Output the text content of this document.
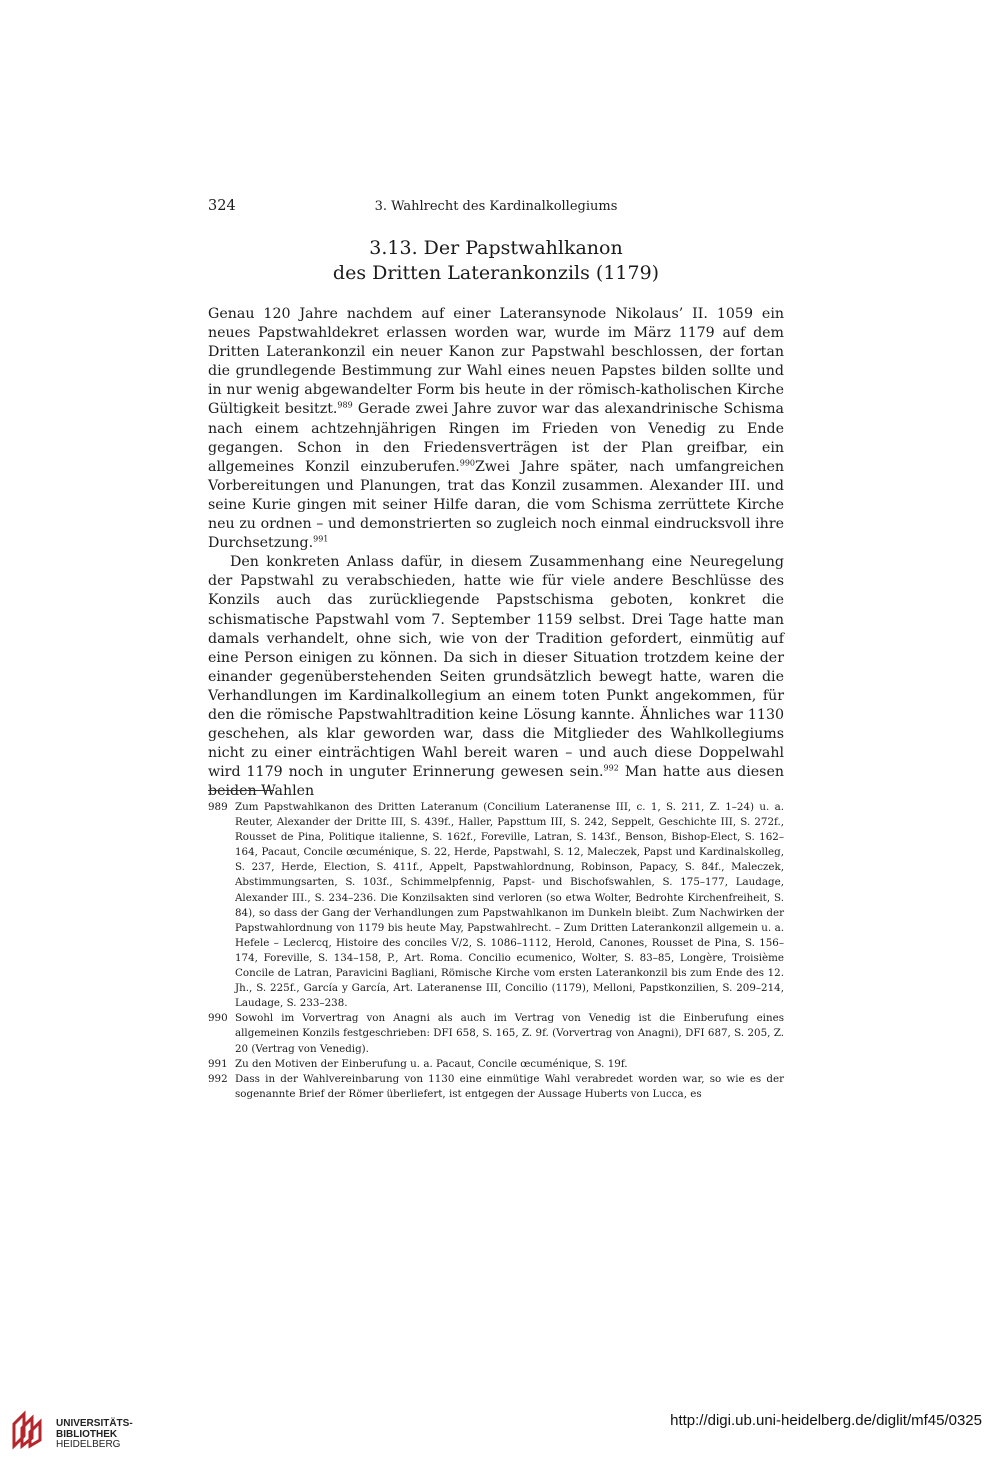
324	3. Wahlrecht des Kardinalkollegiums
3.13. Der Papstwahlkanon
des Dritten Laterankonzils (1179)

Genau 120 Jahre nachdem auf einer Lateransynode Nikolaus’ II. 1059 ein neues Papstwahldekret erlassen worden war, wurde im März 1179 auf dem Dritten Laterankonzil ein neuer Kanon zur Papstwahl beschlossen, der fortan die grundlegende Bestimmung zur Wahl eines neuen Papstes bilden sollte und in nur wenig abgewandelter Form bis heute in der römisch-katholischen Kirche Gültigkeit besitzt.$^{989}$ Gerade zwei Jahre zuvor war das alexandrinische Schisma nach einem achtzehnjährigen Ringen im Frieden von Venedig zu Ende gegangen. Schon in den Friedensverträgen ist der Plan greifbar, ein allgemeines Konzil einzuberufen.$^{990}$Zwei Jahre später, nach umfangreichen Vorbereitungen und Planungen, trat das Konzil zusammen. Alexander III. und seine Kurie gingen mit seiner Hilfe daran, die vom Schisma zerrüttete Kirche neu zu ordnen – und demonstrierten so zugleich noch einmal eindrucksvoll ihre Durchsetzung.$^{991}$

Den konkreten Anlass dafür, in diesem Zusammenhang eine Neuregelung der Papstwahl zu verabschieden, hatte wie für viele andere Beschlüsse des Konzils auch das zurückliegende Papstschisma geboten, konkret die schismatische Papstwahl vom 7. September 1159 selbst. Drei Tage hatte man damals verhandelt, ohne sich, wie von der Tradition gefordert, einmütig auf eine Person einigen zu können. Da sich in dieser Situation trotzdem keine der einander gegenüberstehenden Seiten grundsätzlich bewegt hatte, waren die Verhandlungen im Kardinalkollegium an einem toten Punkt angekommen, für den die römische Papstwahltradition keine Lösung kannte. Ähnliches war 1130 geschehen, als klar geworden war, dass die Mitglieder des Wahlkollegiums nicht zu einer einträchtigen Wahl bereit waren – und auch diese Doppelwahl wird 1179 noch in unguter Erinnerung gewesen sein.$^{992}$ Man hatte aus diesen beiden Wahlen

989 Zum Papstwahlkanon des Dritten Lateranum (Concilium Lateranense III, c. 1, S. 211, Z. 1–24) u. a. Reuter, Alexander der Dritte III, S. 439f., Haller, Papsttum III, S. 242, Seppelt, Geschichte III, S. 272f., Rousset de Pina, Politique italienne, S. 162f., Foreville, Latran, S. 143f., Benson, Bishop-Elect, S. 162–164, Pacaut, Concile œcuménique, S. 22, Herde, Papstwahl, S. 12, Maleczek, Papst und Kardinalskolleg, S. 237, Herde, Election, S. 411f., Appelt, Papstwahlordnung, Robinson, Papacy, S. 84f., Maleczek, Abstimmungsarten, S. 103f., Schimmelpfennig, Papst- und Bischofswahlen, S. 175–177, Laudage, Alexander III., S. 234–236. Die Konzilsakten sind verloren (so etwa Wolter, Bedrohte Kirchenfreiheit, S. 84), so dass der Gang der Verhandlungen zum Papstwahlkanon im Dunkeln bleibt. Zum Nachwirken der Papstwahlordnung von 1179 bis heute May, Papstwahlrecht. – Zum Dritten Laterankonzil allgemein u. a. Hefele – Leclercq, Histoire des conciles V/2, S. 1086–1112, Herold, Canones, Rousset de Pina, S. 156–174, Foreville, S. 134–158, P., Art. Roma. Concilio ecumenico, Wolter, S. 83–85, Longère, Troisième Concile de Latran, Paravicini Bagliani, Römische Kirche vom ersten Laterankonzil bis zum Ende des 12. Jh., S. 225f., García y García, Art. Lateranense III, Concilio (1179), Melloni, Papstkonzilien, S. 209–214, Laudage, S. 233–238.
990 Sowohl im Vorvertrag von Anagni als auch im Vertrag von Venedig ist die Einberufung eines allgemeinen Konzils festgeschrieben: DFI 658, S. 165, Z. 9f. (Vorvertrag von Anagni), DFI 687, S. 205, Z. 20 (Vertrag von Venedig).
991 Zu den Motiven der Einberufung u. a. Pacaut, Concile œcuménique, S. 19f.
992 Dass in der Wahlvereinbarung von 1130 eine einmütige Wahl verabredet worden war, so wie es der sogenannte Brief der Römer überliefert, ist entgegen der Aussage Huberts von Lucca, es
UNIVERSITÄTS-
BIBLIOTHEK
HEIDELBERG
http://digi.ub.uni-heidelberg.de/diglit/mf45/0325
